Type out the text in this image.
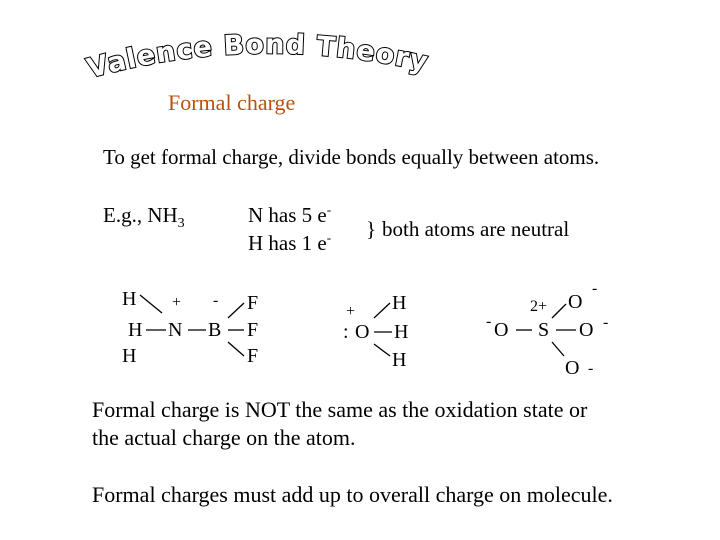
Valence Bond Theory
Formal charge
To get formal charge, divide bonds equally between atoms.
E.g., $NH_3$	N has 5 e-
H has 1 e- } both atoms are neutral
H
H
H
N
+
B
- F
F
F
+
: O
H
H
H
- O
2+
S O -
O
-
O -
Formal charge is NOT the same as the oxidation state or
the actual charge on the atom.
Formal charges must add up to overall charge on molecule.
